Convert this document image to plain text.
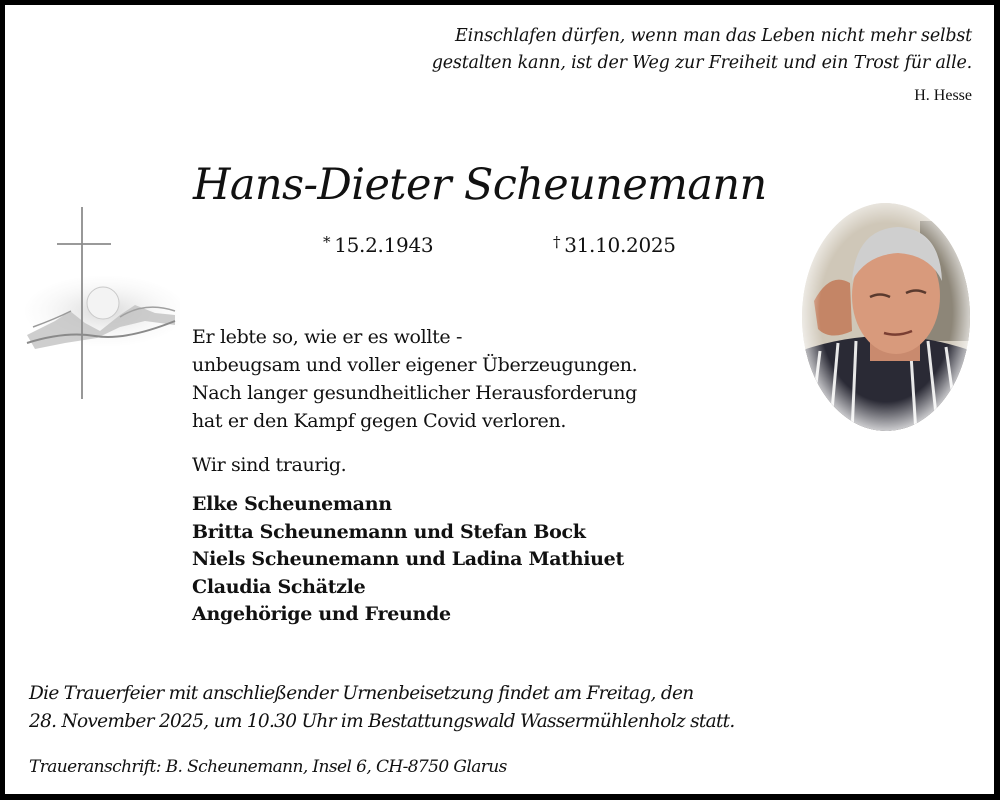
Einschlafen dürfen, wenn man das Leben nicht mehr selbst
gestalten kann, ist der Weg zur Freiheit und ein Trost für alle.
H. Hesse
Hans-Dieter Scheunemann
* 15.2.1943	† 31.10.2025
Er lebte so, wie er es wollte -
unbeugsam und voller eigener Überzeugungen.
Nach langer gesundheitlicher Herausforderung
hat er den Kampf gegen Covid verloren.
Wir sind traurig.
Elke Scheunemann
Britta Scheunemann und Stefan Bock
Niels Scheunemann und Ladina Mathiuet
Claudia Schätzle
Angehörige und Freunde
Die Trauerfeier mit anschließender Urnenbeisetzung findet am Freitag, den
28. November 2025, um 10.30 Uhr im Bestattungswald Wassermühlenholz statt.
Traueranschrift: B. Scheunemann, Insel 6, CH-8750 Glarus
